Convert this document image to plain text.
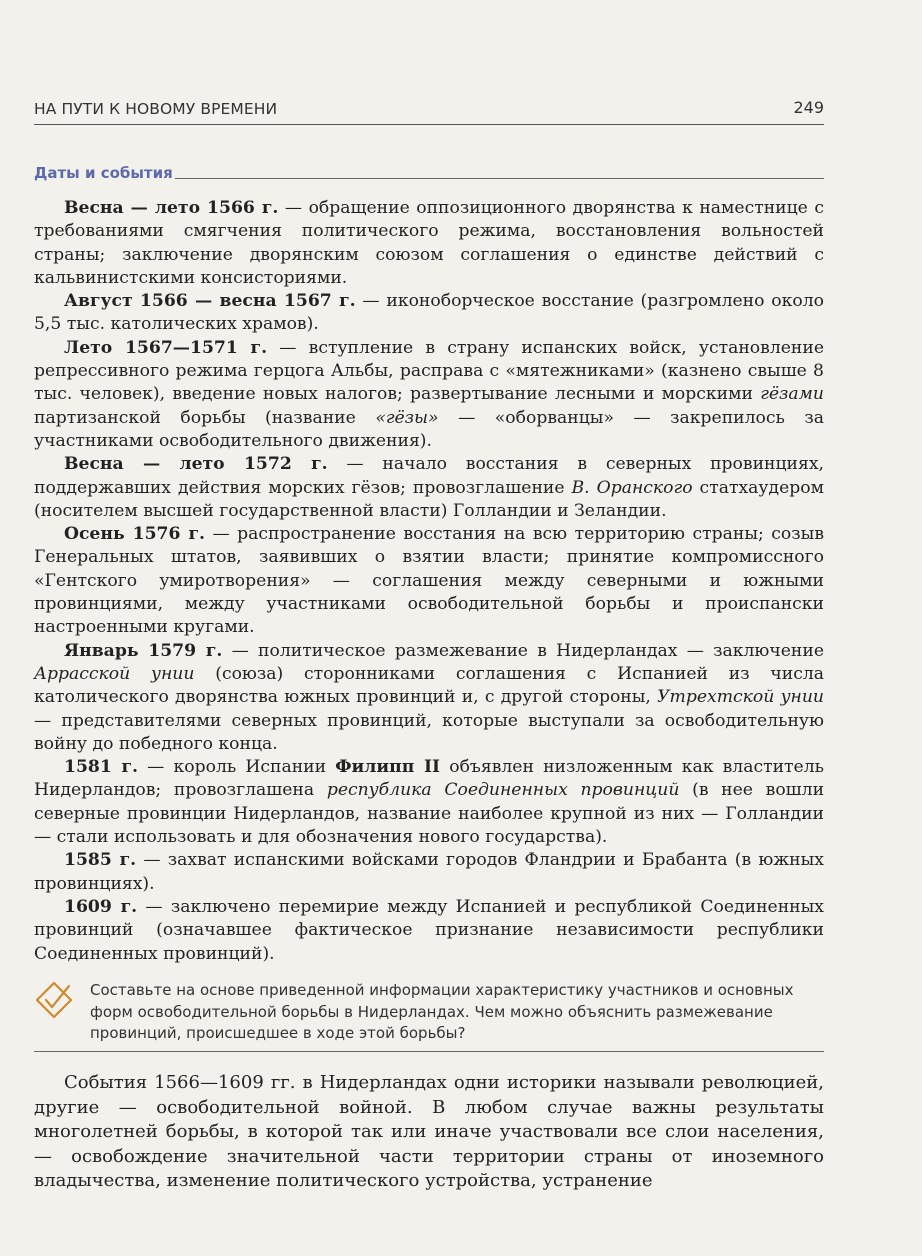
НА ПУТИ К НОВОМУ ВРЕМЕНИ	249
Даты и события

Весна — лето 1566 г. — обращение оппозиционного дворянства к наместнице с требованиями смягчения политического режима, восстановления вольностей страны; заключение дворянским союзом соглашения о единстве действий с кальвинистскими консисториями.

Август 1566 — весна 1567 г. — иконоборческое восстание (разгромлено около 5,5 тыс. католических храмов).

Лето 1567—1571 г. — вступление в страну испанских войск, установление репрессивного режима герцога Альбы, расправа с «мятежниками» (казнено свыше 8 тыс. человек), введение новых налогов; развертывание лесными и морскими гёзами партизанской борьбы (название «гёзы» — «оборванцы» — закрепилось за участниками освободительного движения).

Весна — лето 1572 г. — начало восстания в северных провинциях, поддержавших действия морских гёзов; провозглашение В. Оранского статхаудером (носителем высшей государственной власти) Голландии и Зеландии.

Осень 1576 г. — распространение восстания на всю территорию страны; созыв Генеральных штатов, заявивших о взятии власти; принятие компромиссного «Гентского умиротворения» — соглашения между северными и южными провинциями, между участниками освободительной борьбы и происпански настроенными кругами.

Январь 1579 г. — политическое размежевание в Нидерландах — заключение Аррасской унии (союза) сторонниками соглашения с Испанией из числа католического дворянства южных провинций и, с другой стороны, Утрехтской унии — представителями северных провинций, которые выступали за освободительную войну до победного конца.

1581 г. — король Испании Филипп II объявлен низложенным как властитель Нидерландов; провозглашена республика Соединенных провинций (в нее вошли северные провинции Нидерландов, название наиболее крупной из них — Голландии — стали использовать и для обозначения нового государства).

1585 г. — захват испанскими войсками городов Фландрии и Брабанта (в южных провинциях).

1609 г. — заключено перемирие между Испанией и республикой Соединенных провинций (означавшее фактическое признание независимости республики Соединенных провинций).

Составьте на основе приведенной информации характеристику участников и основных форм освободительной борьбы в Нидерландах. Чем можно объяснить размежевание провинций, происшедшее в ходе этой борьбы?

События 1566—1609 гг. в Нидерландах одни историки называли революцией, другие — освободительной войной. В любом случае важны результаты многолетней борьбы, в которой так или иначе участвовали все слои населения, — освобождение значительной части территории страны от иноземного владычества, изменение политического устройства, устранение
